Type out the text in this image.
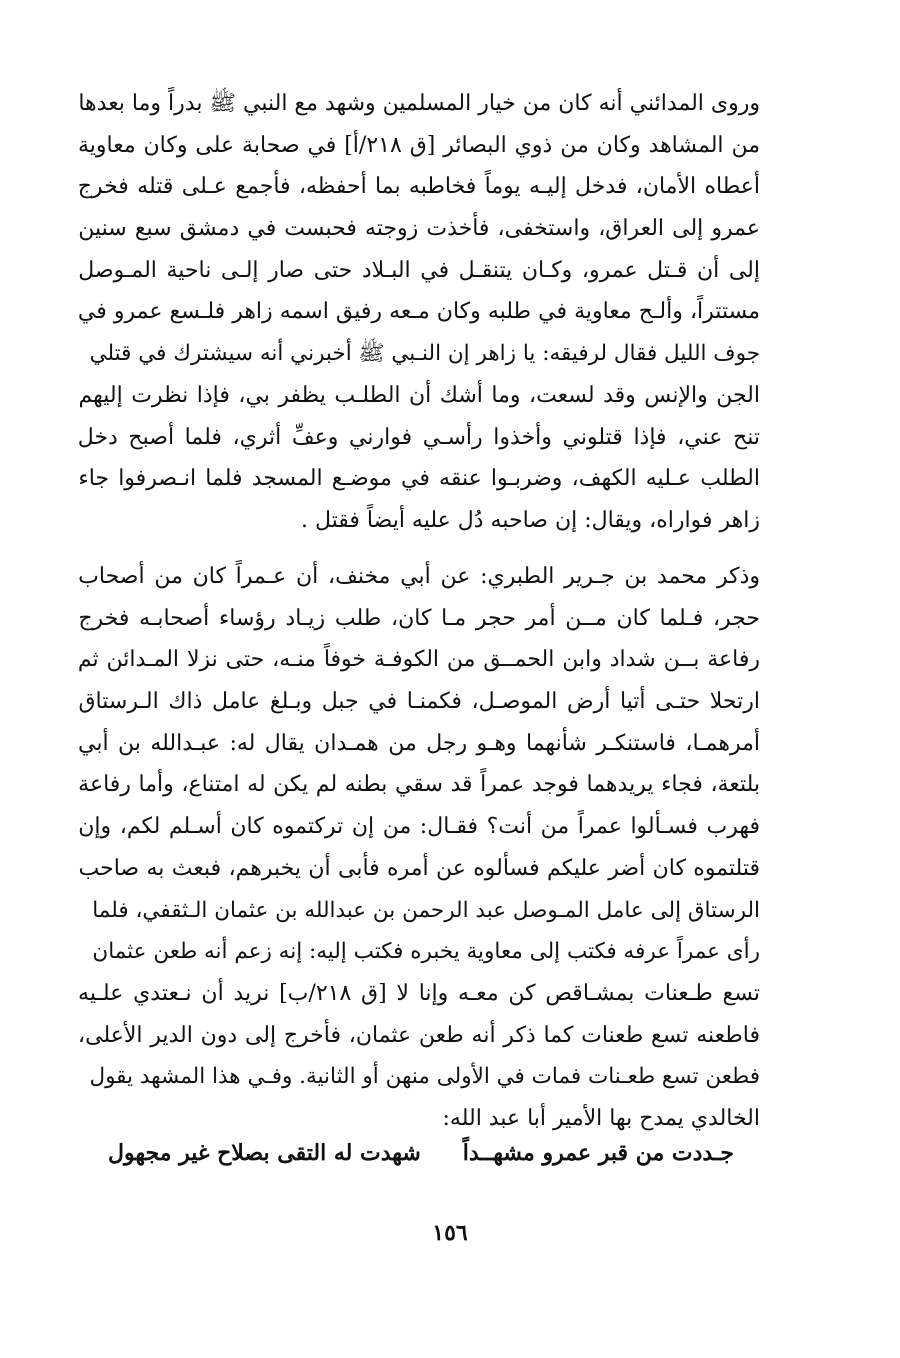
وروى المدائني أنه كان من خيار المسلمين وشهد مع النبي ﷺ بدراً وما بعدها
من المشاهد وكان من ذوي البصائر [ق ٢١٨/أ] في صحابة على وكان معاوية
أعطاه الأمان، فدخل إليـه يوماً فخاطبه بما أحفظه، فأجمع عـلى قتله فخرج
عمرو إلى العراق، واستخفى، فأخذت زوجته فحبست في دمشق سبع سنين
إلى أن قـتل عمرو، وكـان يتنقـل في البـلاد حتى صار إلـى ناحية المـوصل
مستتراً، وألـح معاوية في طلبه وكان مـعه رفيق اسمه زاهر فلـسع عمرو في
جوف الليل فقال لرفيقه: يا زاهر إن النـبي ﷺ أخبرني أنه سيشترك في قتلي
الجن والإنس وقد لسعت، وما أشك أن الطلـب يظفر بي، فإذا نظرت إليهم
تنح عني، فإذا قتلوني وأخذوا رأسـي فوارني وعفِّ أثري، فلما أصبح دخل
الطلب عـليه الكهف، وضربـوا عنقه في موضـع المسجد فلما انـصرفوا جاء
زاهر فواراه، ويقال: إن صاحبه دُل عليه أيضاً فقتل .
وذكر محمد بن جـرير الطبري: عن أبي مخنف، أن عـمراً كان من أصحاب
حجر، فـلما كان مــن أمر حجر مـا كان، طلب زيـاد رؤساء أصحابـه فخرج
رفاعة بــن شداد وابن الحمــق من الكوفـة خوفاً منـه، حتى نزلا المـدائن ثم
ارتحلا حتـى أتيا أرض الموصـل، فكمنـا في جبل وبـلغ عامل ذاك الـرستاق
أمرهمـا، فاستنكـر شأنهما وهـو رجل من همـدان يقال له: عبـدالله بن أبي
بلتعة، فجاء يريدهما فوجد عمراً قد سقي بطنه لم يكن له امتناع، وأما رفاعة
فهرب فسـألوا عمراً من أنت؟ فقـال: من إن تركتموه كان أسـلم لكم، وإن
قتلتموه كان أضر عليكم فسألوه عن أمره فأبى أن يخبرهم، فبعث به صاحب
الرستاق إلى عامل المـوصل عبد الرحمن بن عبدالله بن عثمان الـثقفي، فلما
رأى عمراً عرفه فكتب إلى معاوية يخبره فكتب إليه: إنه زعم أنه طعن عثمان
تسع طـعنات بمشـاقص كن معـه وإنا لا [ق ٢١٨/ب] نريد أن نـعتدي علـيه
فاطعنه تسع طعنات كما ذكر أنه طعن عثمان، فأخرج إلى دون الدير الأعلى،
فطعن تسع طعـنات فمات في الأولى منهن أو الثانية. وفـي هذا المشهد يقول
الخالدي يمدح بها الأمير أبا عبد الله:
جـددت من قبر عمرو مشهــداً
شهدت له التقى بصلاح غير مجهول
١٥٦
